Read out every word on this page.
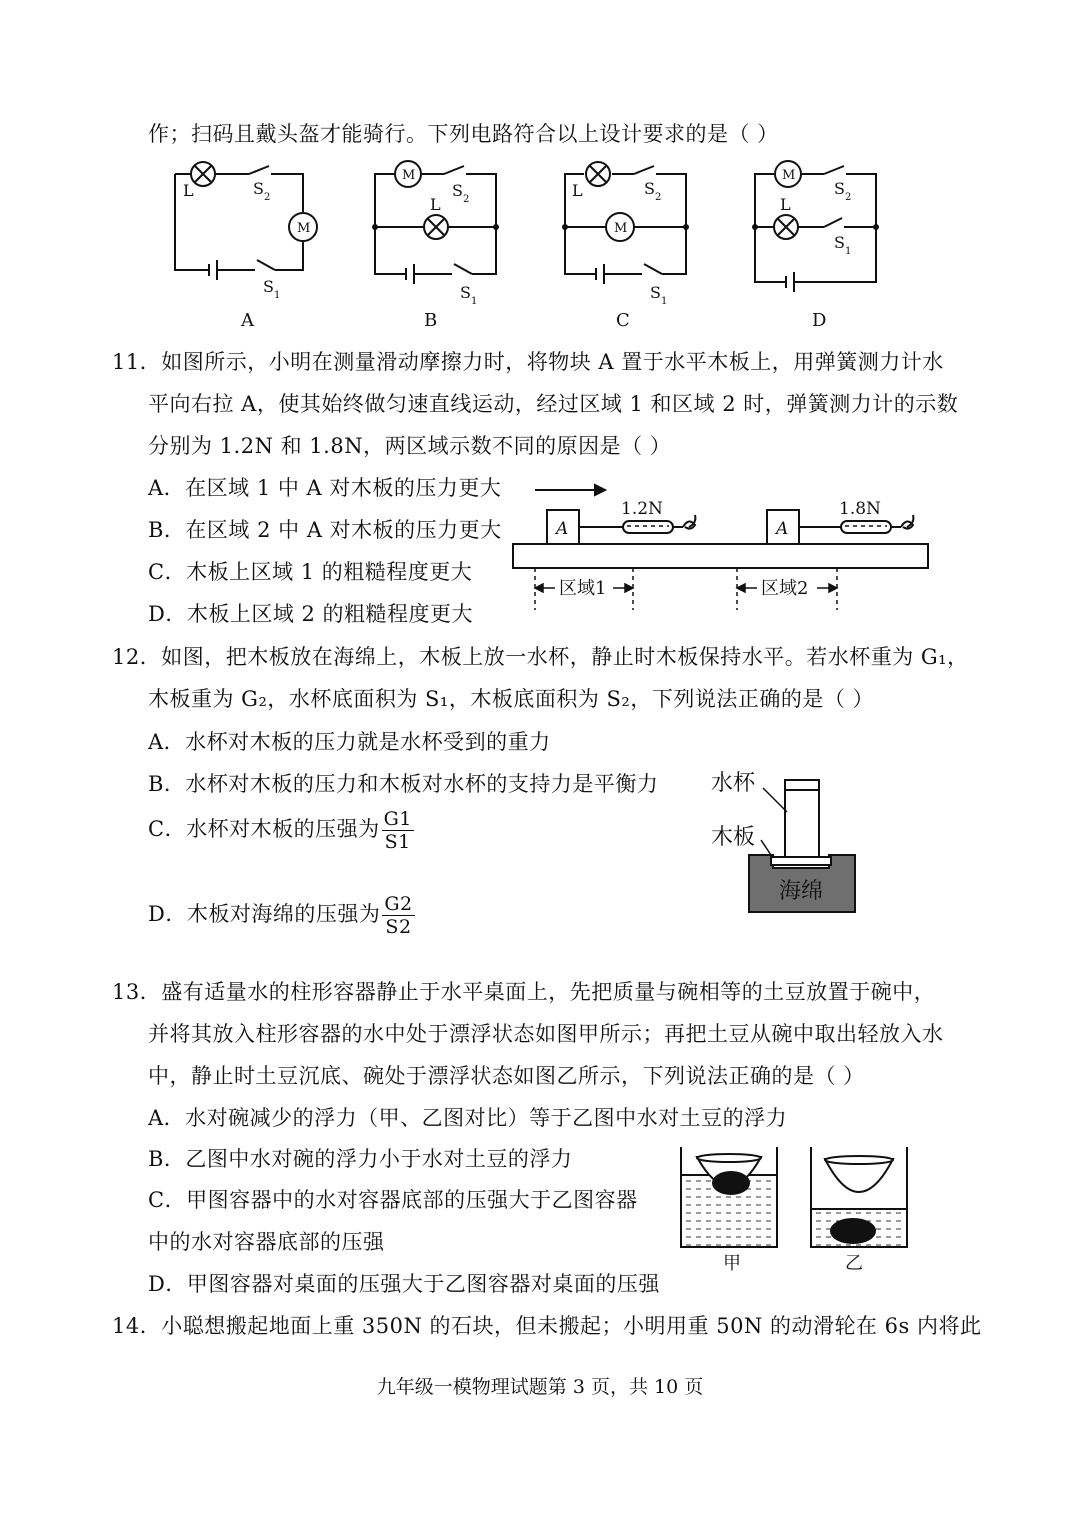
作；扫码且戴头盔才能骑行。下列电路符合以上设计要求的是（ ）
L	S 2
M
S 1
A
M
S 2
L
S 1
B
L	S 2
M
S 1
C
M
S 2
L
S 1
D
11．如图所示，小明在测量滑动摩擦力时，将物块 A 置于水平木板上，用弹簧测力计水
平向右拉 A，使其始终做匀速直线运动，经过区域 1 和区域 2 时，弹簧测力计的示数
分别为 1.2N 和 1.8N，两区域示数不同的原因是（ ）
A．在区域 1 中 A 对木板的压力更大
B．在区域 2 中 A 对木板的压力更大
C．木板上区域 1 的粗糙程度更大
D．木板上区域 2 的粗糙程度更大
A	A
1.2N	1.8N
区域1	区域2
12．如图，把木板放在海绵上，木板上放一水杯，静止时木板保持水平。若水杯重为 G₁，
木板重为 G₂，水杯底面积为 S₁，木板底面积为 S₂，下列说法正确的是（ ）
A．水杯对木板的压力就是水杯受到的重力
B．水杯对木板的压力和木板对水杯的支持力是平衡力
C．水杯对木板的压强为 $\frac{G1}{S1}$
D．木板对海绵的压强为 $\frac{G2}{S2}$
水杯
木板
海绵
13．盛有适量水的柱形容器静止于水平桌面上，先把质量与碗相等的土豆放置于碗中，
并将其放入柱形容器的水中处于漂浮状态如图甲所示；再把土豆从碗中取出轻放入水
中，静止时土豆沉底、碗处于漂浮状态如图乙所示，下列说法正确的是（ ）
A．水对碗减少的浮力（甲、乙图对比）等于乙图中水对土豆的浮力
B．乙图中水对碗的浮力小于水对土豆的浮力
C．甲图容器中的水对容器底部的压强大于乙图容器
中的水对容器底部的压强
D．甲图容器对桌面的压强大于乙图容器对桌面的压强
甲	乙
14．小聪想搬起地面上重 350N 的石块，但未搬起；小明用重 50N 的动滑轮在 6s 内将此
九年级一模物理试题第 3 页，共 10 页
